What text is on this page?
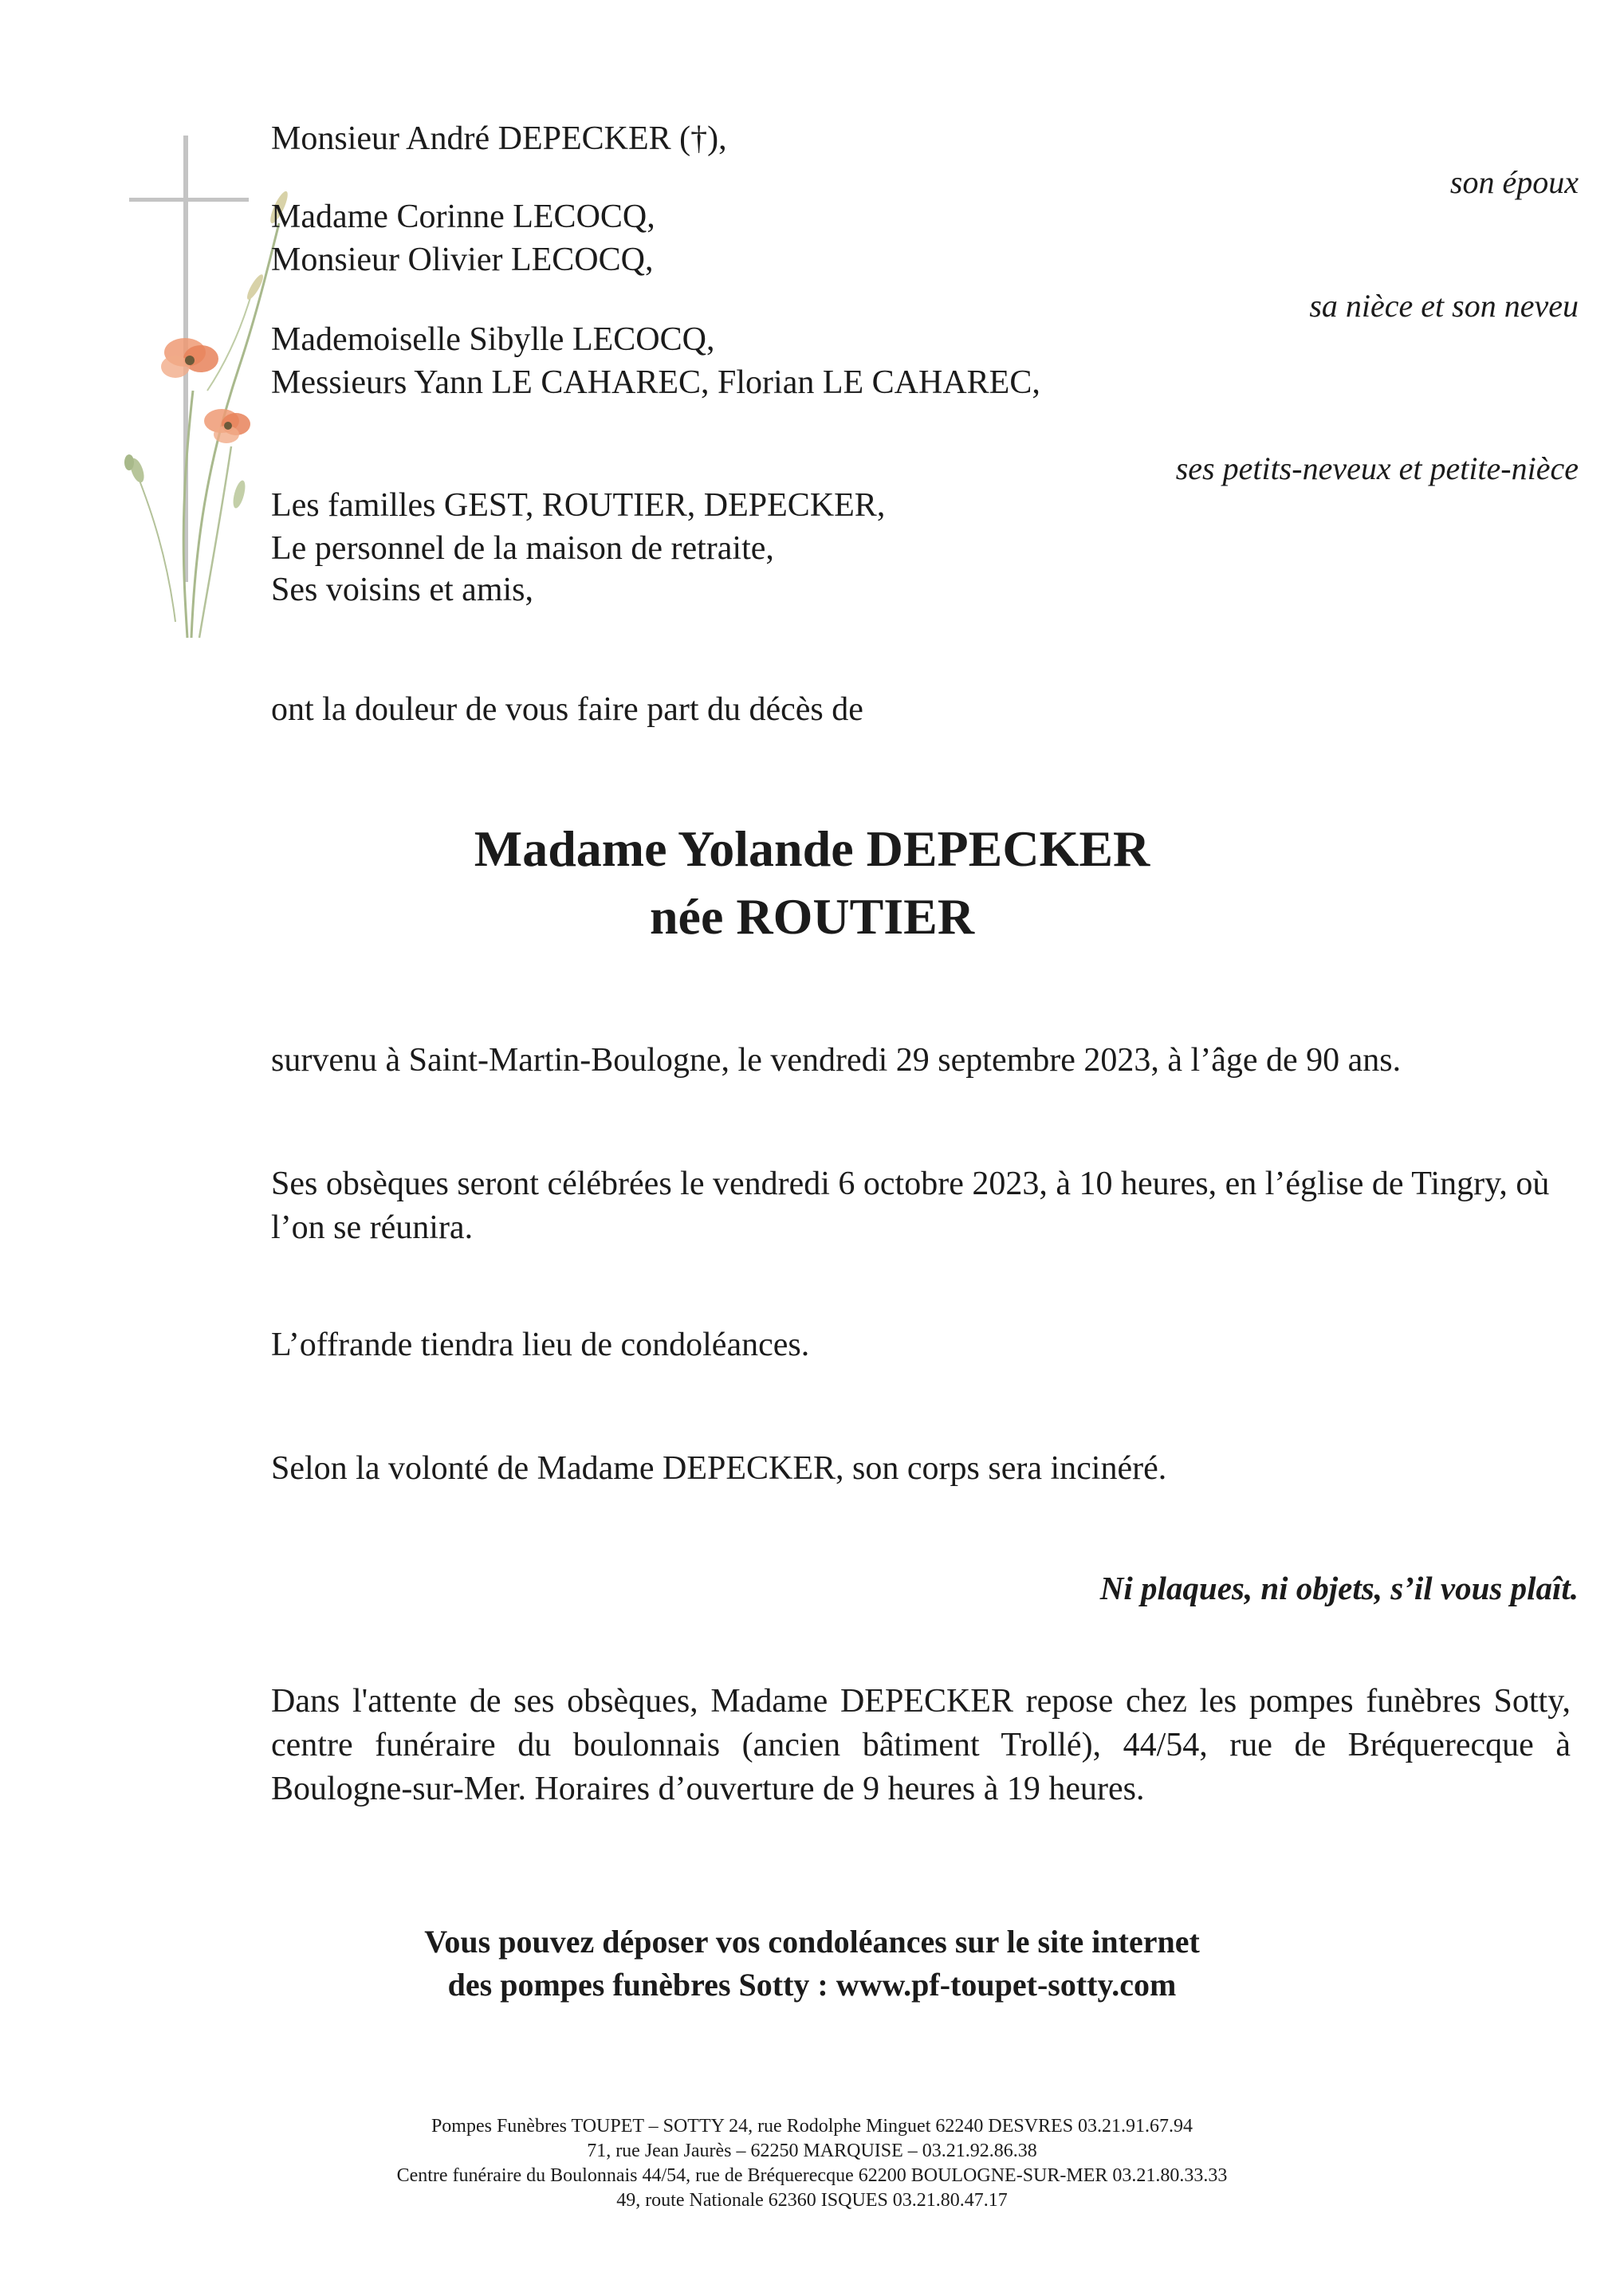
Monsieur André DEPECKER (†),
son époux
Madame Corinne LECOCQ,
Monsieur Olivier LECOCQ,
sa nièce et son neveu
Mademoiselle Sibylle LECOCQ,
Messieurs Yann LE CAHAREC, Florian LE CAHAREC,
ses petits-neveux et petite-nièce
Les familles GEST, ROUTIER, DEPECKER,
Le personnel de la maison de retraite,
Ses voisins et amis,
ont la douleur de vous faire part du décès de
Madame Yolande DEPECKER
née ROUTIER
survenu à Saint-Martin-Boulogne, le vendredi 29 septembre 2023, à l’âge de 90 ans.
Ses obsèques seront célébrées le vendredi 6 octobre 2023, à 10 heures, en l’église de Tingry, où l’on se réunira.
L’offrande tiendra lieu de condoléances.
Selon la volonté de Madame DEPECKER, son corps sera incinéré.
Ni plaques, ni objets, s’il vous plaît.
Dans l'attente de ses obsèques, Madame DEPECKER repose chez les pompes funèbres Sotty, centre funéraire du boulonnais (ancien bâtiment Trollé), 44/54, rue de Bréquerecque à Boulogne-sur-Mer. Horaires d’ouverture de 9 heures à 19 heures.
Vous pouvez déposer vos condoléances sur le site internet
des pompes funèbres Sotty : www.pf-toupet-sotty.com
Pompes Funèbres TOUPET – SOTTY 24, rue Rodolphe Minguet 62240 DESVRES 03.21.91.67.94
71, rue Jean Jaurès – 62250 MARQUISE – 03.21.92.86.38
Centre funéraire du Boulonnais 44/54, rue de Bréquerecque 62200 BOULOGNE-SUR-MER 03.21.80.33.33
49, route Nationale 62360 ISQUES 03.21.80.47.17
